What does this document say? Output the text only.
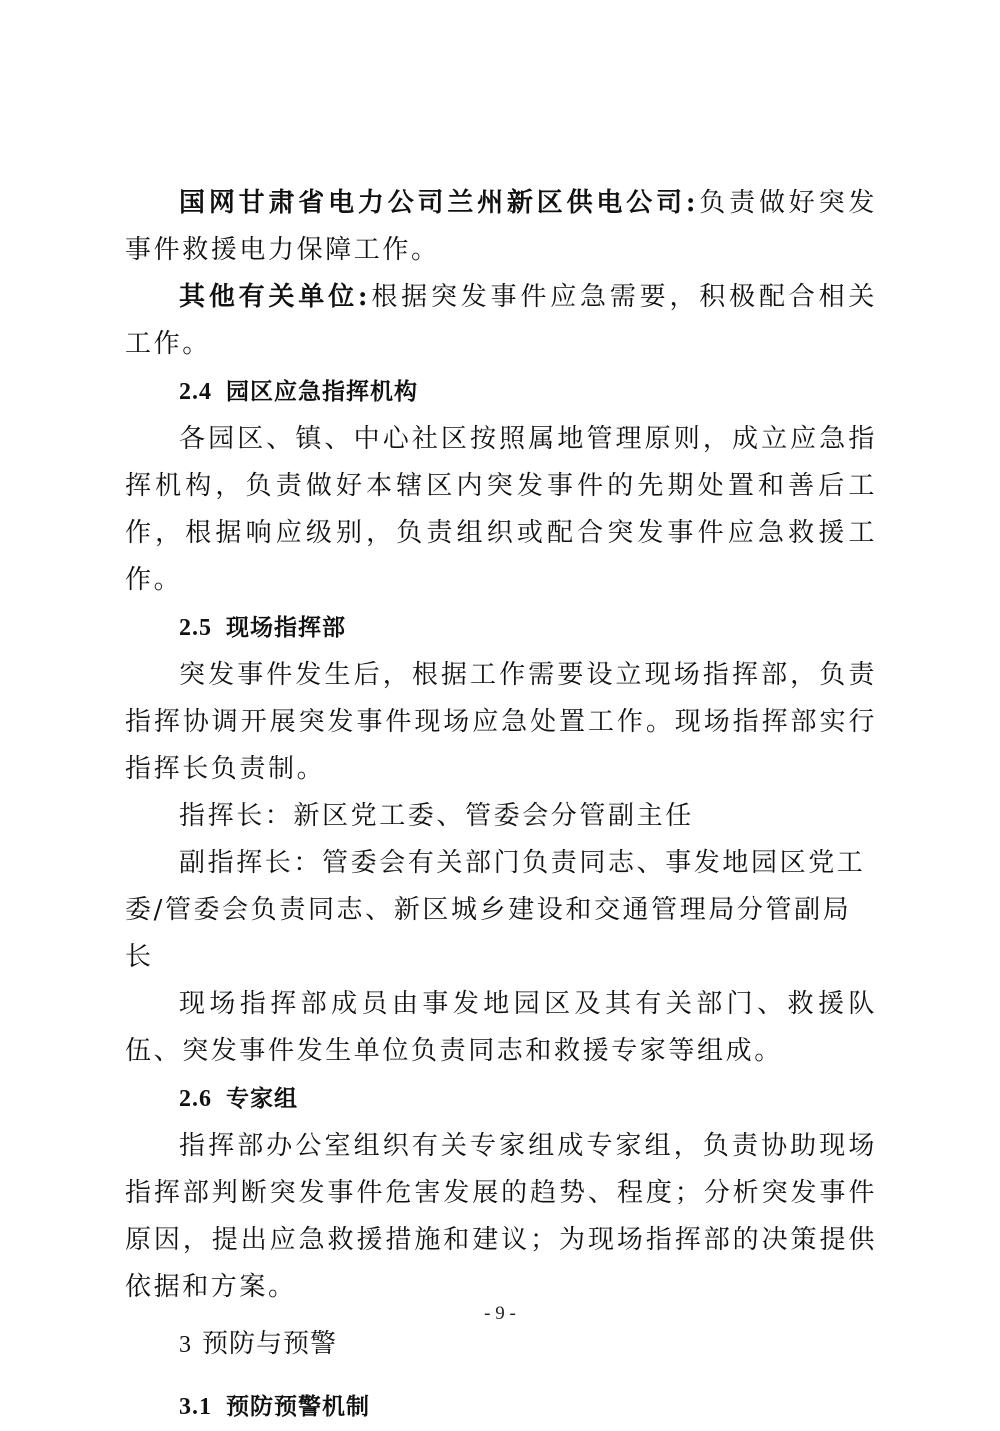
国网甘肃省电力公司兰州新区供电公司:负责做好突发事件救援电力保障工作。

其他有关单位:根据突发事件应急需要，积极配合相关工作。

2.4 园区应急指挥机构

各园区、镇、中心社区按照属地管理原则，成立应急指挥机构，负责做好本辖区内突发事件的先期处置和善后工作，根据响应级别，负责组织或配合突发事件应急救援工作。

2.5 现场指挥部

突发事件发生后，根据工作需要设立现场指挥部，负责指挥协调开展突发事件现场应急处置工作。现场指挥部实行指挥长负责制。

指挥长：新区党工委、管委会分管副主任

副指挥长：管委会有关部门负责同志、事发地园区党工委/管委会负责同志、新区城乡建设和交通管理局分管副局长

现场指挥部成员由事发地园区及其有关部门、救援队伍、突发事件发生单位负责同志和救援专家等组成。

2.6 专家组

指挥部办公室组织有关专家组成专家组，负责协助现场指挥部判断突发事件危害发展的趋势、程度；分析突发事件原因，提出应急救援措施和建议；为现场指挥部的决策提供依据和方案。

3 预防与预警
3.1 预防预警机制
- 9 -
